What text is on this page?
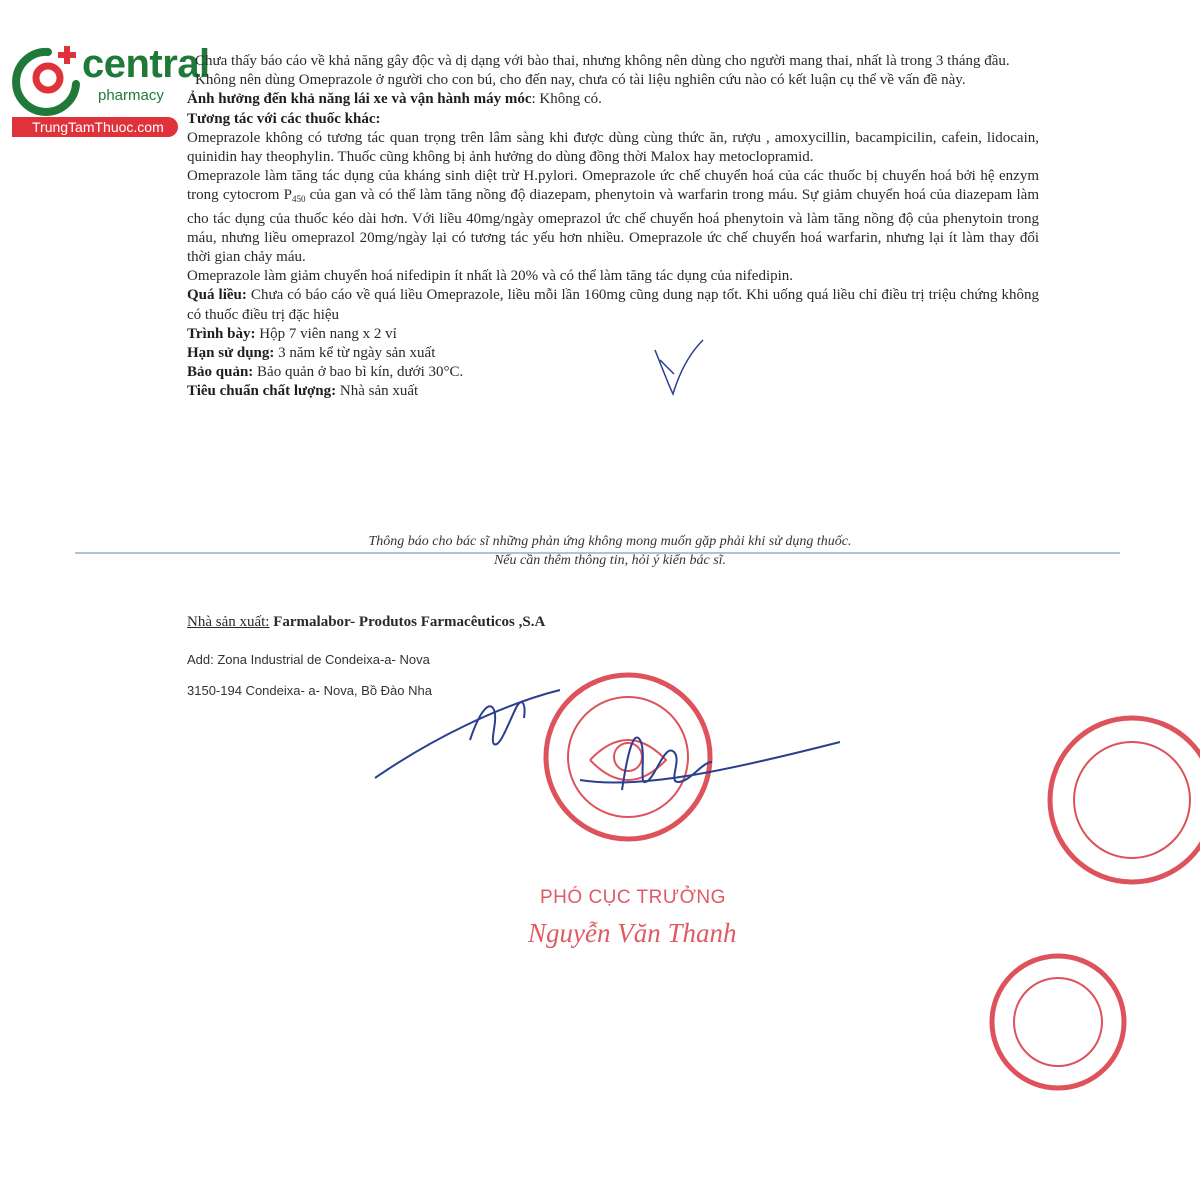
central
pharmacy
TrungTamThuoc.com

Chưa thấy báo cáo về khả năng gây độc và dị dạng với bào thai, nhưng không nên dùng cho người mang thai, nhất là trong 3 tháng đầu.

Không nên dùng Omeprazole ở người cho con bú, cho đến nay, chưa có tài liệu nghiên cứu nào có kết luận cụ thể về vấn đề này.

Ảnh hưởng đến khả năng lái xe và vận hành máy móc: Không có.

Tương tác với các thuốc khác:

Omeprazole không có tương tác quan trọng trên lâm sàng khi được dùng cùng thức ăn, rượu , amoxycillin, bacampicilin, cafein, lidocain, quinidin hay theophylin. Thuốc cũng không bị ảnh hưởng do dùng đồng thời Malox hay metoclopramid.

Omeprazole làm tăng tác dụng của kháng sinh diệt trừ H.pylori. Omeprazole ức chế chuyển hoá của các thuốc bị chuyển hoá bởi hệ enzym trong cytocrom $P_{450}$ của gan và có thể làm tăng nồng độ diazepam, phenytoin và warfarin trong máu. Sự giảm chuyển hoá của diazepam làm cho tác dụng của thuốc kéo dài hơn. Với liều 40mg/ngày omeprazol ức chế chuyển hoá phenytoin và làm tăng nồng độ của phenytoin trong máu, nhưng liều omeprazol 20mg/ngày lại có tương tác yếu hơn nhiều. Omeprazole ức chế chuyển hoá warfarin, nhưng lại ít làm thay đổi thời gian chảy máu.

Omeprazole làm giảm chuyển hoá nifedipin ít nhất là 20% và có thể làm tăng tác dụng của nifedipin.

Quá liều: Chưa có báo cáo về quá liều Omeprazole, liều mỗi lần 160mg cũng dung nạp tốt. Khi uống quá liều chỉ điều trị triệu chứng không có thuốc điều trị đặc hiệu

Trình bày: Hộp 7 viên nang x 2 vỉ

Hạn sử dụng: 3 năm kể từ ngày sản xuất

Bảo quản: Bảo quản ở bao bì kín, dưới 30°C.

Tiêu chuẩn chất lượng: Nhà sản xuất

Thông báo cho bác sĩ những phản ứng không mong muốn gặp phải khi sử dụng thuốc.
Nếu cần thêm thông tin, hỏi ý kiến bác sĩ.
Nhà sản xuất: Farmalabor- Produtos Farmacêuticos ,S.A
Add: Zona Industrial de Condeixa-a- Nova
3150-194 Condeixa- a- Nova, Bồ Đào Nha
PHÓ CỤC TRƯỞNG
Nguyễn Văn Thanh
